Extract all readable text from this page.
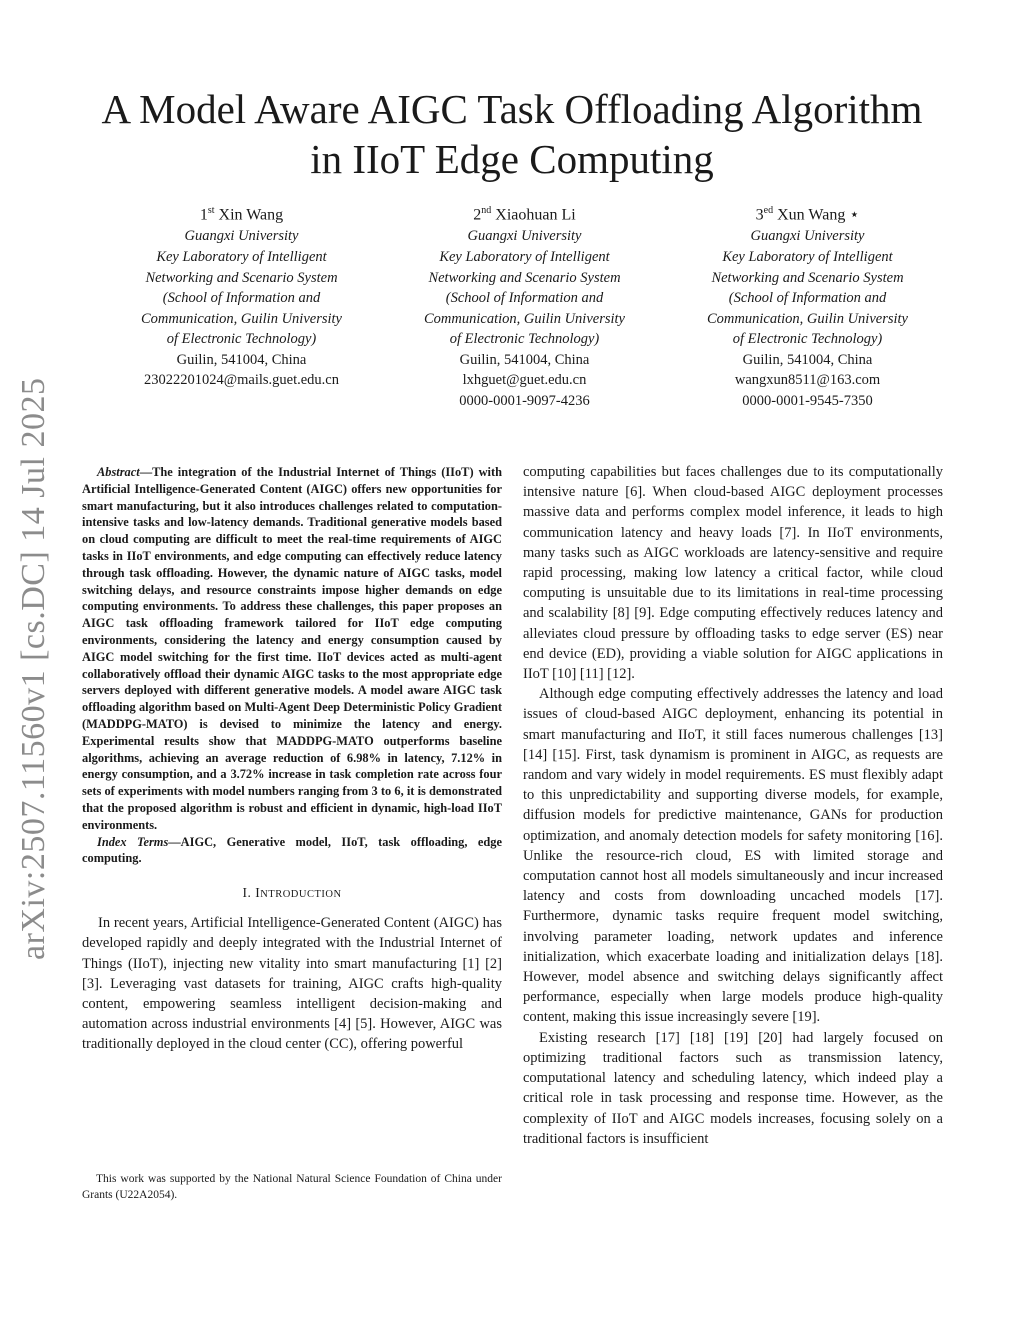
arXiv:2507.11560v1 [cs.DC] 14 Jul 2025
A Model Aware AIGC Task Offloading Algorithm
in IIoT Edge Computing
1st Xin Wang
Guangxi University
Key Laboratory of Intelligent
Networking and Scenario System
(School of Information and
Communication, Guilin University
of Electronic Technology)
Guilin, 541004, China
23022201024@mails.guet.edu.cn
2nd Xiaohuan Li
Guangxi University
Key Laboratory of Intelligent
Networking and Scenario System
(School of Information and
Communication, Guilin University
of Electronic Technology)
Guilin, 541004, China
lxhguet@guet.edu.cn
0000-0001-9097-4236
$3^{ed}$ Xun Wang ⋆
Guangxi University
Key Laboratory of Intelligent
Networking and Scenario System
(School of Information and
Communication, Guilin University
of Electronic Technology)
Guilin, 541004, China
wangxun8511@163.com
0000-0001-9545-7350

Abstract—The integration of the Industrial Internet of Things (IIoT) with Artificial Intelligence-Generated Content (AIGC) offers new opportunities for smart manufacturing, but it also introduces challenges related to computation-intensive tasks and low-latency demands. Traditional generative models based on cloud computing are difficult to meet the real-time requirements of AIGC tasks in IIoT environments, and edge computing can effectively reduce latency through task offloading. However, the dynamic nature of AIGC tasks, model switching delays, and resource constraints impose higher demands on edge computing environments. To address these challenges, this paper proposes an AIGC task offloading framework tailored for IIoT edge computing environments, considering the latency and energy consumption caused by AIGC model switching for the first time. IIoT devices acted as multi-agent collaboratively offload their dynamic AIGC tasks to the most appropriate edge servers deployed with different generative models. A model aware AIGC task offloading algorithm based on Multi-Agent Deep Deterministic Policy Gradient (MADDPG-MATO) is devised to minimize the latency and energy. Experimental results show that MADDPG-MATO outperforms baseline algorithms, achieving an average reduction of 6.98% in latency, 7.12% in energy consumption, and a 3.72% increase in task completion rate across four sets of experiments with model numbers ranging from 3 to 6, it is demonstrated that the proposed algorithm is robust and efficient in dynamic, high-load IIoT environments.

Index Terms—AIGC, Generative model, IIoT, task offloading, edge computing.

I. INTRODUCTION

In recent years, Artificial Intelligence-Generated Content (AIGC) has developed rapidly and deeply integrated with the Industrial Internet of Things (IIoT), injecting new vitality into smart manufacturing [1] [2] [3]. Leveraging vast datasets for training, AIGC crafts high-quality content, empowering seamless intelligent decision-making and automation across industrial environments [4] [5]. However, AIGC was traditionally deployed in the cloud center (CC), offering powerful

computing capabilities but faces challenges due to its computationally intensive nature [6]. When cloud-based AIGC deployment processes massive data and performs complex model inference, it leads to high communication latency and heavy loads [7]. In IIoT environments, many tasks such as AIGC workloads are latency-sensitive and require rapid processing, making low latency a critical factor, while cloud computing is unsuitable due to its limitations in real-time processing and scalability [8] [9]. Edge computing effectively reduces latency and alleviates cloud pressure by offloading tasks to edge server (ES) near end device (ED), providing a viable solution for AIGC applications in IIoT [10] [11] [12].

Although edge computing effectively addresses the latency and load issues of cloud-based AIGC deployment, enhancing its potential in smart manufacturing and IIoT, it still faces numerous challenges [13] [14] [15]. First, task dynamism is prominent in AIGC, as requests are random and vary widely in model requirements. ES must flexibly adapt to this unpredictability and supporting diverse models, for example, diffusion models for predictive maintenance, GANs for production optimization, and anomaly detection models for safety monitoring [16]. Unlike the resource-rich cloud, ES with limited storage and computation cannot host all models simultaneously and incur increased latency and costs from downloading uncached models [17]. Furthermore, dynamic tasks require frequent model switching, involving parameter loading, network updates and inference initialization, which exacerbate loading and initialization delays [18]. However, model absence and switching delays significantly affect performance, especially when large models produce high-quality content, making this issue increasingly severe [19].

Existing research [17] [18] [19] [20] had largely focused on optimizing traditional factors such as transmission latency, computational latency and scheduling latency, which indeed play a critical role in task processing and response time. However, as the complexity of IIoT and AIGC models increases, focusing solely on a traditional factors is insufficient

This work was supported by the National Natural Science Foundation of China under Grants (U22A2054).
